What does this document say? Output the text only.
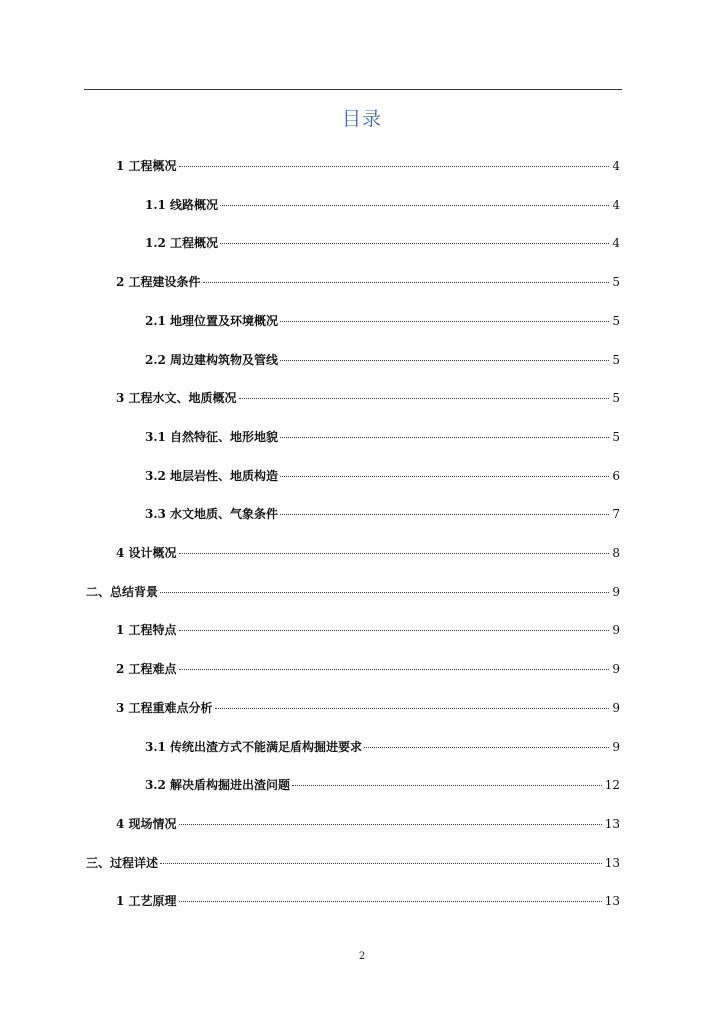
目录
1 工程概况	4
1.1 线路概况	4
1.2 工程概况	4
2 工程建设条件	5
2.1 地理位置及环境概况	5
2.2 周边建构筑物及管线	5
3 工程水文、地质概况	5
3.1 自然特征、地形地貌	5
3.2 地层岩性、地质构造	6
3.3 水文地质、气象条件	7
4 设计概况	8
二、总结背景	9
1 工程特点	9
2 工程难点	9
3 工程重难点分析	9
3.1 传统出渣方式不能满足盾构掘进要求	9
3.2 解决盾构掘进出渣问题	12
4 现场情况	13
三、过程详述	13
1 工艺原理	13
2
